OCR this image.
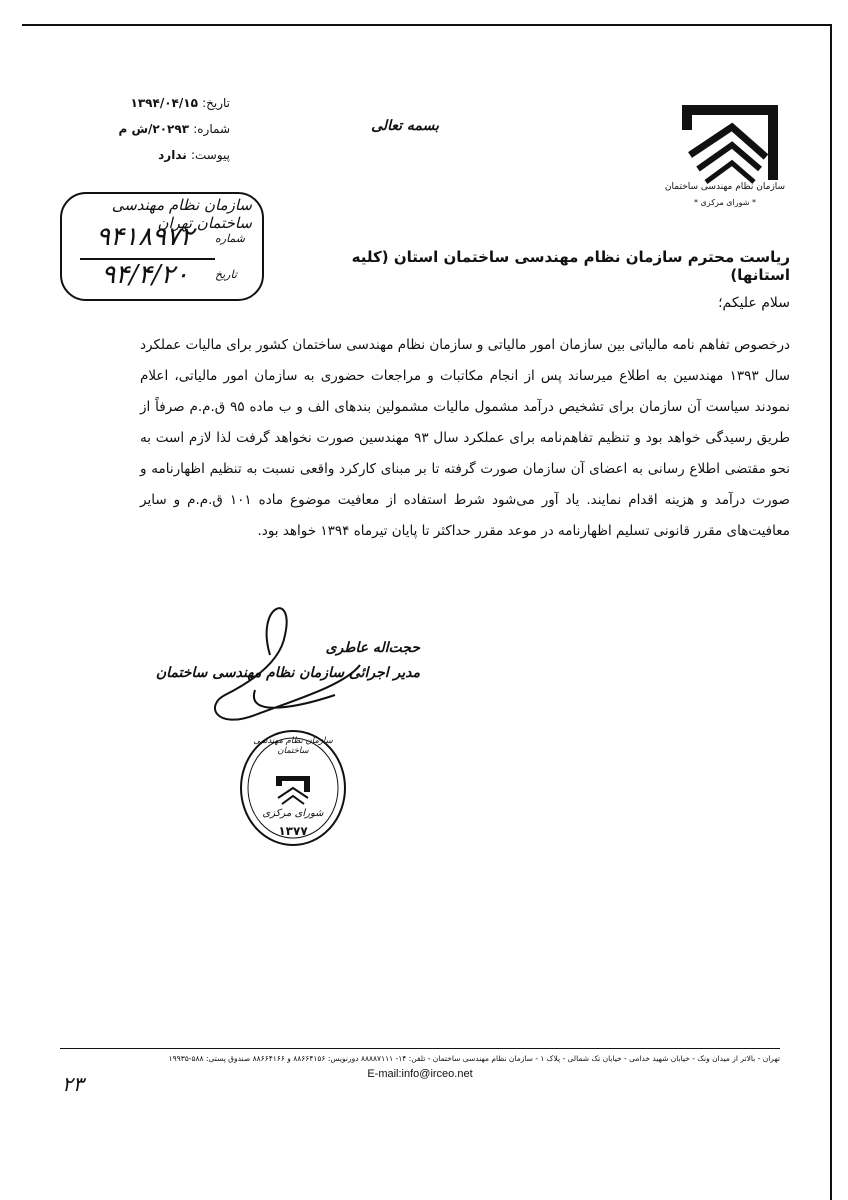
تاریخ: ۱۳۹۴/۰۴/۱۵
شماره: ۲۰۲۹۳/ش م
پیوست: ندارد
بسمه تعالی
سازمان نظام مهندسی ساختمان
* شورای مرکزی *
سازمان نظام مهندسی ساختمان تهران
شماره
۹۴۱۸۹۷۲
تاریخ
۹۴/۴/۲۰
ریاست محترم سازمان نظام مهندسی ساختمان استان (کلیه استانها)
سلام علیکم؛
درخصوص تفاهم نامه مالیاتی بین سازمان امور مالیاتی و سازمان نظام مهندسی ساختمان کشور برای مالیات عملکرد سال ۱۳۹۳ مهندسین به اطلاع میرساند پس از انجام مکاتبات و مراجعات حضوری به سازمان امور مالیاتی، اعلام نمودند سیاست آن سازمان برای تشخیص درآمد مشمول مالیات مشمولین بندهای الف و ب ماده ۹۵ ق.م.م صرفاً از طریق رسیدگی خواهد بود و تنظیم تفاهم‌نامه برای عملکرد سال ۹۳ مهندسین صورت نخواهد گرفت لذا لازم است به نحو مقتضی اطلاع رسانی به اعضای آن سازمان صورت گرفته تا بر مبنای کارکرد واقعی نسبت به تنظیم اظهارنامه و صورت درآمد و هزینه اقدام نمایند. یاد آور می‌شود شرط استفاده از معافیت موضوع ماده ۱۰۱ ق.م.م و سایر معافیت‌های مقرر قانونی تسلیم اظهارنامه در موعد مقرر حداکثر تا پایان تیرماه ۱۳۹۴ خواهد بود.
حجت‌اله عاطری
مدیر اجرائی سازمان نظام مهندسی ساختمان
سازمان نظام مهندسی ساختمان
شورای مرکزی
۱۳۷۷
تهران - بالاتر از میدان ونک - خیابان شهید خدامی - خیابان تک شمالی - پلاک ۱ - سازمان نظام مهندسی ساختمان - تلفن: ۱۴- ۸۸۸۸۷۱۱۱ دورنویس: ۸۸۶۶۴۱۵۶ و ۸۸۶۶۴۱۶۶ صندوق پستی: ۵۸۸-۱۹۹۳۵
E-mail:info@irceo.net
۲۳
